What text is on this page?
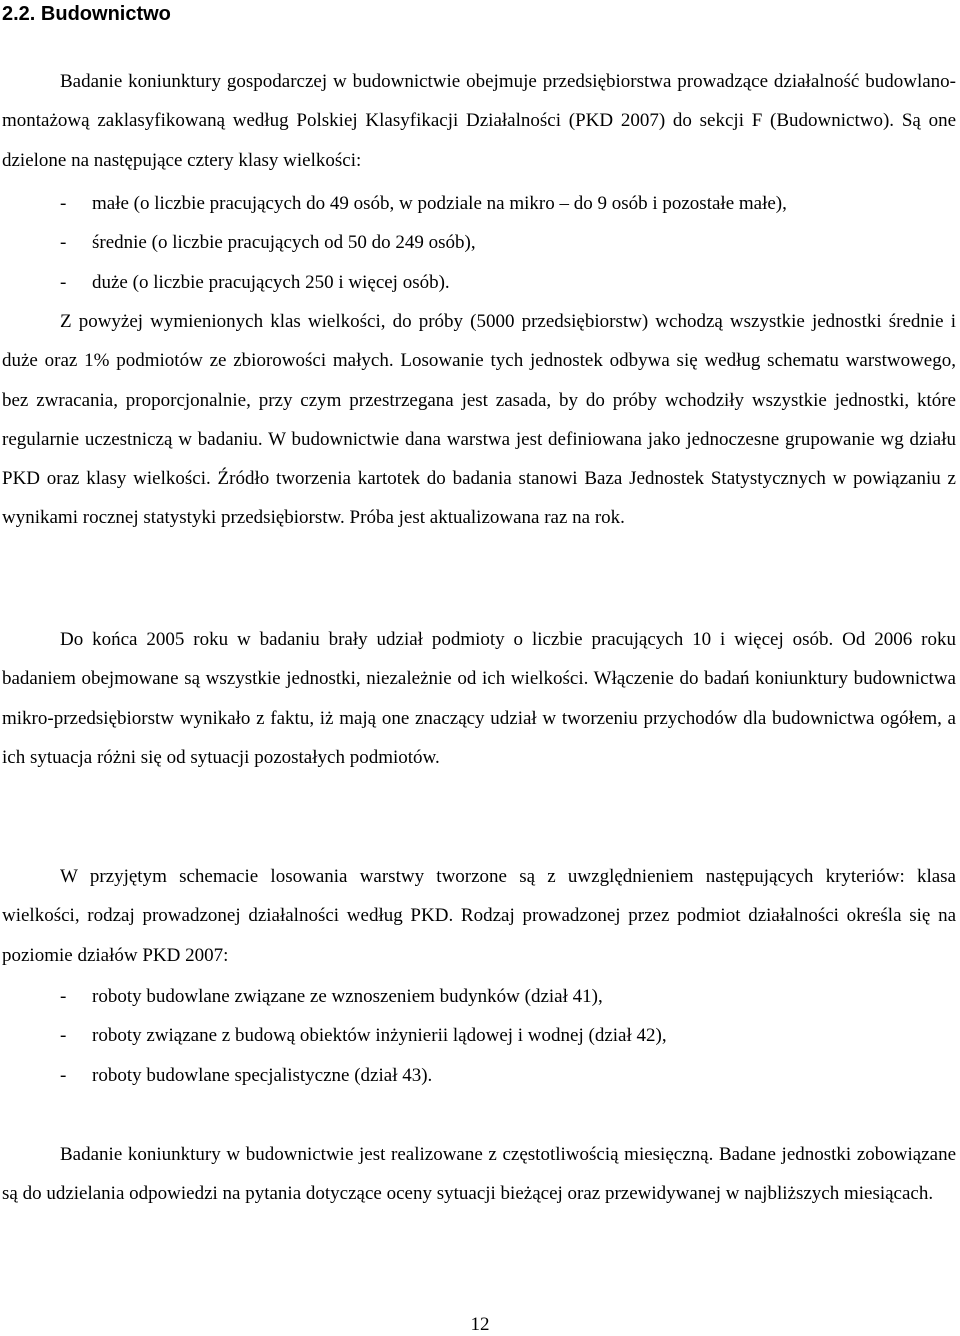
2.2. Budownictwo

Badanie koniunktury gospodarczej w budownictwie obejmuje przedsiębiorstwa prowadzące działalność budowlano-montażową zaklasyfikowaną według Polskiej Klasyfikacji Działalności (PKD 2007) do sekcji F (Budownictwo). Są one dzielone na następujące cztery klasy wielkości:

- małe (o liczbie pracujących do 49 osób, w podziale na mikro – do 9 osób i pozostałe małe),
- średnie (o liczbie pracujących od 50 do 249 osób),
- duże (o liczbie pracujących 250 i więcej osób).

Z powyżej wymienionych klas wielkości, do próby (5000 przedsiębiorstw) wchodzą wszystkie jednostki średnie i duże oraz 1% podmiotów ze zbiorowości małych. Losowanie tych jednostek odbywa się według schematu warstwowego, bez zwracania, proporcjonalnie, przy czym przestrzegana jest zasada, by do próby wchodziły wszystkie jednostki, które regularnie uczestniczą w badaniu. W budownictwie dana warstwa jest definiowana jako jednoczesne grupowanie wg działu PKD oraz klasy wielkości. Źródło tworzenia kartotek do badania stanowi Baza Jednostek Statystycznych w powiązaniu z wynikami rocznej statystyki przedsiębiorstw. Próba jest aktualizowana raz na rok.

Do końca 2005 roku w badaniu brały udział podmioty o liczbie pracujących 10 i więcej osób. Od 2006 roku badaniem obejmowane są wszystkie jednostki, niezależnie od ich wielkości. Włączenie do badań koniunktury budownictwa mikro-przedsiębiorstw wynikało z faktu, iż mają one znaczący udział w tworzeniu przychodów dla budownictwa ogółem, a ich sytuacja różni się od sytuacji pozostałych podmiotów.

W przyjętym schemacie losowania warstwy tworzone są z uwzględnieniem następujących kryteriów: klasa wielkości, rodzaj prowadzonej działalności według PKD. Rodzaj prowadzonej przez podmiot działalności określa się na poziomie działów PKD 2007:

- roboty budowlane związane ze wznoszeniem budynków (dział 41),
- roboty związane z budową obiektów inżynierii lądowej i wodnej (dział 42),
- roboty budowlane specjalistyczne (dział 43).

Badanie koniunktury w budownictwie jest realizowane z częstotliwością miesięczną. Badane jednostki zobowiązane są do udzielania odpowiedzi na pytania dotyczące oceny sytuacji bieżącej oraz przewidywanej w najbliższych miesiącach.

12
